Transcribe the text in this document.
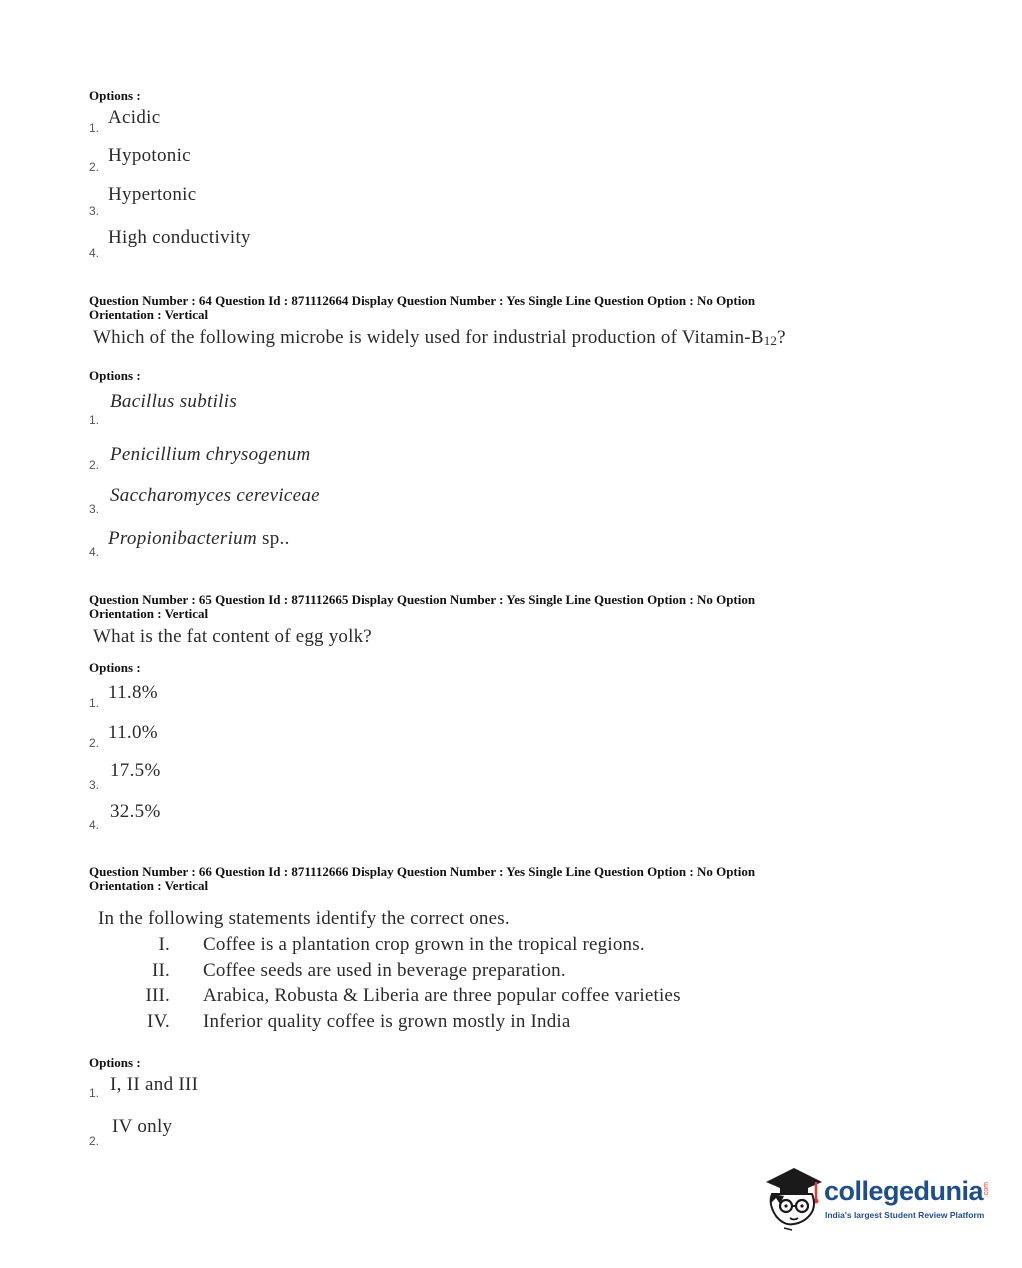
Options :
1. Acidic
2.
Hypotonic
3.
Hypertonic
4.
High conductivity
Question Number : 64 Question Id : 871112664 Display Question Number : Yes Single Line Question Option : No Option
Orientation : Vertical
Which of the following microbe is widely used for industrial production of Vitamin-$B_{12}$?
Options :
1.
Bacillus subtilis
2. Penicillium chrysogenum
3.
Saccharomyces cereviceae
4.
Propionibacterium sp..
Question Number : 65 Question Id : 871112665 Display Question Number : Yes Single Line Question Option : No Option
Orientation : Vertical
What is the fat content of egg yolk?
Options :
1. 11.8%
2. 11.0%
3.
17.5%
4.
32.5%
Question Number : 66 Question Id : 871112666 Display Question Number : Yes Single Line Question Option : No Option
Orientation : Vertical
In the following statements identify the correct ones.
I. Coffee is a plantation crop grown in the tropical regions.
II. Coffee seeds are used in beverage preparation.
III. Arabica, Robusta & Liberia are three popular coffee varieties
IV. Inferior quality coffee is grown mostly in India
Options :
1. I, II and III
2.
IV only
collegedunia .com
India's largest Student Review Platform
